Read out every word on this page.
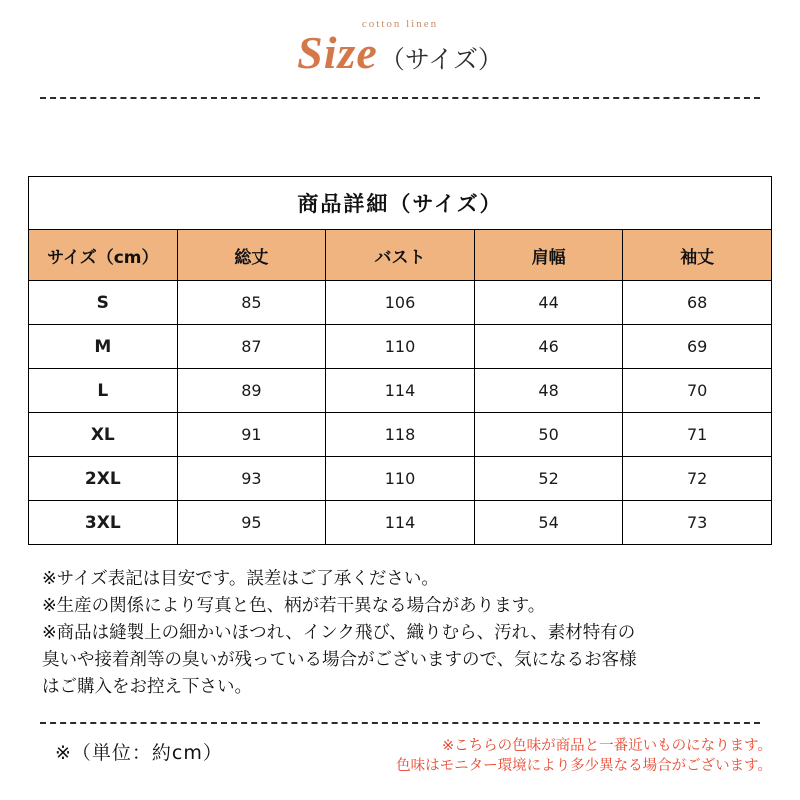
cotton linen
Size （サイズ）
商品詳細（サイズ）				
サイズ（cm）	総丈	バスト	肩幅	袖丈
S	85	106	44	68
M	87	110	46	69
L	89	114	48	70
XL	91	118	50	71
2XL	93	110	52	72
3XL	95	114	54	73

※サイズ表記は目安です。誤差はご了承ください。

※生産の関係により写真と色、柄が若干異なる場合があります。

※商品は縫製上の細かいほつれ、インク飛び、織りむら、汚れ、素材特有の

臭いや接着剤等の臭いが残っている場合がございますので、気になるお客様

はご購入をお控え下さい。

※（単位：約cm）	※こちらの色味が商品と一番近いものになります。

色味はモニター環境により多少異なる場合がございます。
